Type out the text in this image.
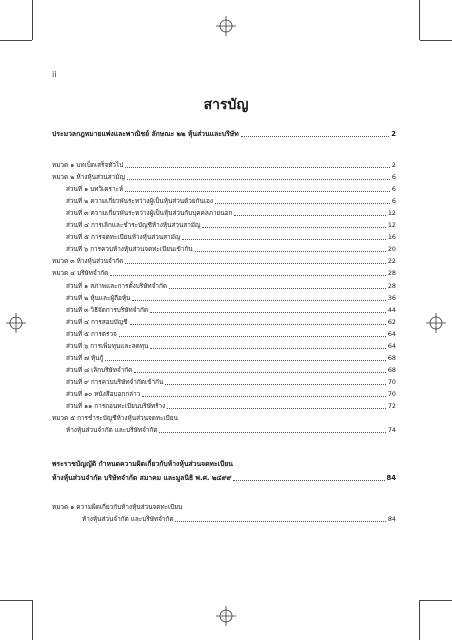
ii
สารบัญ
ประมวลกฎหมายแพ่งและพาณิชย์ ลักษณะ ๒๒ หุ้นส่วนและบริษัท	2
หมวด ๑ บทเบ็ดเสร็จทั่วไป	2
หมวด ๒ ห้างหุ้นส่วนสามัญ	6
ส่วนที่ ๑ บทวิเคราะห์	6
ส่วนที่ ๒ ความเกี่ยวพันระหว่างผู้เป็นหุ้นส่วนด้วยกันเอง	6
ส่วนที่ ๓ ความเกี่ยวพันระหว่างผู้เป็นหุ้นส่วนกับบุคคลภายนอก	12
ส่วนที่ ๔ การเลิกและชำระบัญชีห้างหุ้นส่วนสามัญ	12
ส่วนที่ ๕ การจดทะเบียนห้างหุ้นส่วนสามัญ	16
ส่วนที่ ๖ การควบห้างหุ้นส่วนจดทะเบียนเข้ากัน	20
หมวด ๓ ห้างหุ้นส่วนจำกัด	22
หมวด ๔ บริษัทจำกัด	28
ส่วนที่ ๑ สภาพและการตั้งบริษัทจำกัด	28
ส่วนที่ ๒ หุ้นและผู้ถือหุ้น	36
ส่วนที่ ๓ วิธีจัดการบริษัทจำกัด	44
ส่วนที่ ๔ การสอบบัญชี	62
ส่วนที่ ๕ การตรวจ	64
ส่วนที่ ๖ การเพิ่มทุนและลดทุน	64
ส่วนที่ ๗ หุ้นกู้	68
ส่วนที่ ๘ เลิกบริษัทจำกัด	68
ส่วนที่ ๙ การควบบริษัทจำกัดเข้ากัน	70
ส่วนที่ ๑๐ หนังสือบอกกล่าว	70
ส่วนที่ ๑๑ การถอนทะเบียนบริษัทร้าง	72
หมวด ๕ การชำระบัญชีห้างหุ้นส่วนจดทะเบียน
ห้างหุ้นส่วนจำกัด และบริษัทจำกัด	74
พระราชบัญญัติ กำหนดความผิดเกี่ยวกับห้างหุ้นส่วนจดทะเบียน
ห้างหุ้นส่วนจำกัด บริษัทจำกัด สมาคม และมูลนิธิ พ.ศ. ๒๔๙๙	84
หมวด ๑ ความผิดเกี่ยวกับห้างหุ้นส่วนจดทะเบียน
ห้างหุ้นส่วนจำกัด และบริษัทจำกัด	84
